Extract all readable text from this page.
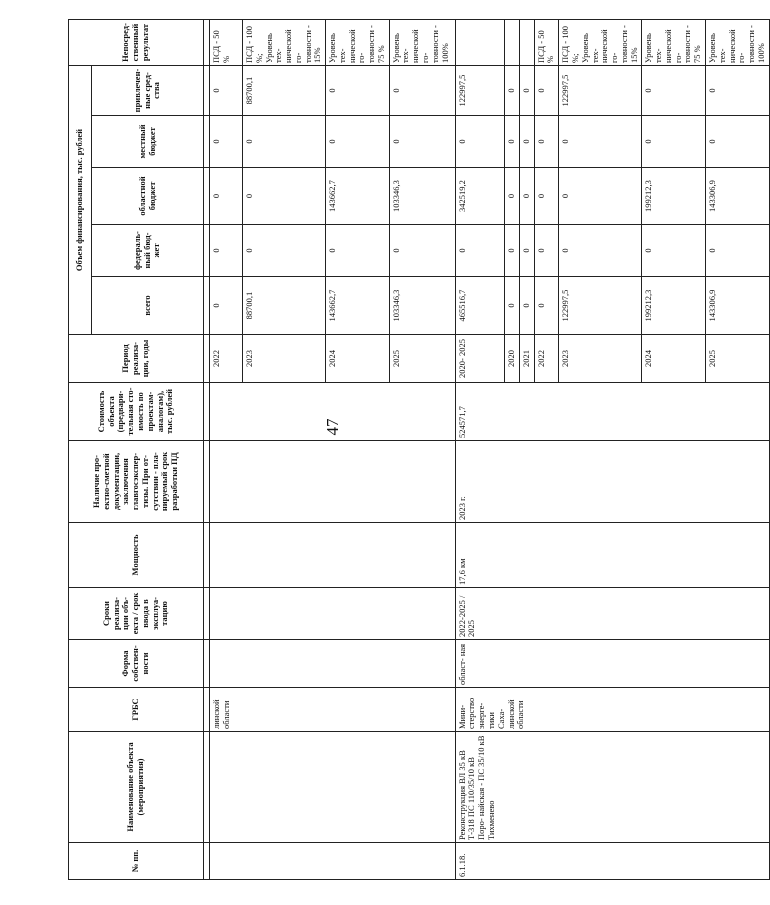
47
№ пп.	Наименование объекта (мероприятия)	ГРБС	Форма собствен- ности	Сроки реализа- ции объ- екта / срок ввода в эксплуа- тацию	Мощность	Наличие про- ектно-сметной документации, заключения главгосэкспер- тизы. При от- сутствии - пла- нируемый срок разработки ПД	Стоимость объекта (предвари- тельная сто- имость по проектам- аналогам), тыс. рублей	Период реализа- ции, годы	Объем финансирования, тыс. рублей					Непосред- ственный результат
									всего	федераль- ный бюд- жет	областной бюджет	местный бюджет	привлечен- ные сред- ства	

		линской области						2022	0	0	0	0	0	ПСД - 50 %
								2023	88700,1	0	0	0	88700,1	ПСД - 100 %; Уровень тех- нической го- товности - 15%
								2024	143662,7	0	143662,7	0	0	Уровень тех- нической го- товности - 75 %
								2025	103346,3	0	103346,3	0	0	Уровень тех- нической го- товности - 100%
6.1.18.	Реконструкция ВЛ 35 кВ Т-318 ПС 110/35/10 кВ Поро- найская - ПС 35/10 кВ Тихменево	Мини- стерство энерге- тики Саха- линской области	област- ная	2022-2025 / 2025	17,6 км	2023 г.	524571,7	2020- 2025	465516,7	0	342519,2	0	122997,5	
								2020	0	0	0	0	0	
								2021	0	0	0	0	0	
								2022	0	0	0	0	0	ПСД - 50 %
								2023	122997,5	0	0	0	122997,5	ПСД - 100 %; Уровень тех- нической го- товности - 15%
								2024	199212,3	0	199212,3	0	0	Уровень тех- нической го- товности - 75 %
								2025	143306,9	0	143306,9	0	0	Уровень тех- нической го- товности - 100%
